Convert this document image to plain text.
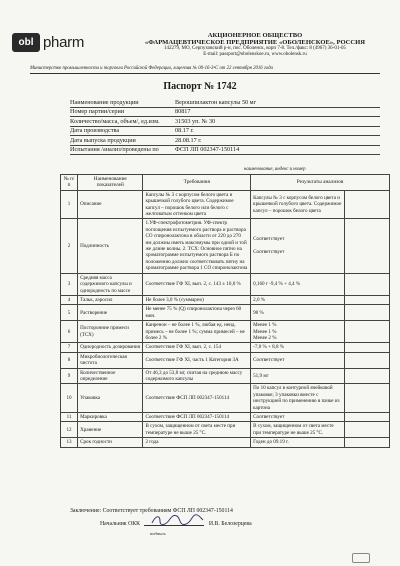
obl pharm	АКЦИОНЕРНОЕ ОБЩЕСТВО
«ФАРМАЦЕВТИЧЕСКОЕ ПРЕДПРИЯТИЕ «ОБОЛЕНСКОЕ», РОССИЯ
142279, МО, Серпуховский р-н, пос. Оболенск, корп 7-8. Тел./факс: 8 (4967) 36-01-05
E-mail: passport@obolenskoe.ru, www.obolensk.ru
Министерство промышленности и торговли Российской Федерации, лицензия № 00-16-3•С от 22 сентября 2016 года
Паспорт № 1742
Наименование продукции	Верошпилактон капсулы 50 мг
Номер партии/серии	80817
Количество/масса, объем/, ед.изм. 31503 уп. № 30
Дата производства	08.17 г.
Дата выпуска продукции	28.08.17 г.
Испытания /анализ/проведены по	ФСП ЛП 002347-150114
наименование, индекс и номер
№ п/п	Наименование показателей	Требования	Результаты анализов	
1	Описание	Капсулы № 3 с корпусом белого цвета и крышечкой голубого цвета. Содержимое капсул – порошок белого или белого с желтоватым оттенком цвета	Капсулы № 3 с корпусом белого цвета и крышечкой голубого цвета. Содержимое капсул – порошок белого цвета	
2	Подлинность	1.УФ-спектрофотометрия. УФ-спектр поглощения испытуемого раствора и раствора СО спиронолактона в области от 220 до 270 нм должны иметь максимумы при одной и той же длине волны. 2. ТСХ: Основное пятно на хроматограмме испытуемого раствора Б по положению должно соответствовать пятну на хроматограмме раствора 1 СО спиронолактона	Соответствует

Соответствует	
3	Средняя масса содержимого капсулы и однородность по массе	Соответствие ГФ XI, вып. 2, с. 143 ± 10,0 %	0,160 г -9,4 % + 4,4 %	
4	Тальк, аэросил	Не более 3,0 % (суммарно)	2,0 %	
5	Растворение	Не менее 75 % (Q) спиронолактона через 60 мин.	98 %	
6	Посторонние примеси (ТСХ)	Канренон – не более 1 %, любая ед. неид. примесь – не более 1 %; сумма примесей – не более 2 %	Менее 1 %
Менее 1 %
Менее 2 %	
7	Однородность дозирования	Соответствие ГФ XI, вып. 2, с. 154	-7,8 % + 8,8 %	
8	Микробиологическая чистота	Соответствие ГФ XI, часть 1 Категория 3А	Соответствует	
9	Количественное определение	От 46,3 до 53,8 мг, считая на среднюю массу содержимого капсулы	51,9 мг	
10	Упаковка	Соответствие ФСП ЛП 002347-150114	По 10 капсул в контурной ячейковой упаковке; 3 упаковки вместе с инструкцией по применению в пачке из картона	
11	Маркировка	Соответствие ФСП ЛП 002347-150114	Соответствует	
12	Хранение	В сухом, защищенном от света месте при температуре не выше 25 °С.	В сухом, защищенном от света месте при температуре не выше 25 °С.	
13	Срок годности	2 года	Годен до 09.19 г.	
Заключение: Соответствует требованиям ФСП ЛП 002347-150114
Начальник ОКК	И.В. Белозерцева
подпись
